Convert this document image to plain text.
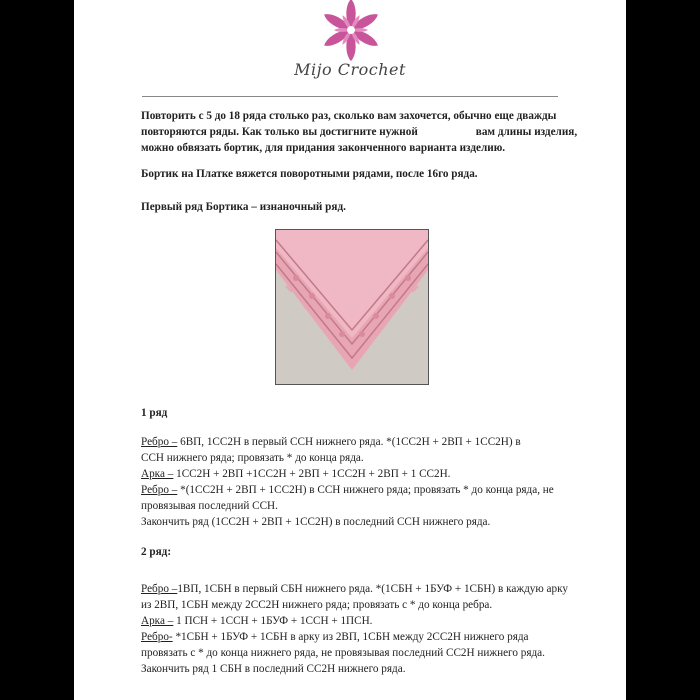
Mijo Crochet
Повторить с 5 до 18 ряда столько раз, сколько вам захочется, обычно еще дважды
повторяются ряды. Как только вы достигните нужной	вам длины изделия,
можно обвязать бортик, для придания законченного варианта изделию.
Бортик на Платке вяжется поворотными рядами, после 16го ряда.
Первый ряд Бортика – изнаночный ряд.
1 ряд
Ребро – 6ВП, 1СС2Н в первый ССН нижнего ряда. *(1СС2Н + 2ВП + 1СС2Н) в
ССН нижнего ряда; провязать * до конца ряда.
Арка – 1СС2Н + 2ВП +1СС2Н + 2ВП + 1СС2Н + 2ВП + 1 СС2Н.
Ребро – *(1СС2Н + 2ВП + 1СС2Н) в ССН нижнего ряда; провязать * до конца ряда, не
провязывая последний ССН.
Закончить ряд (1СС2Н + 2ВП + 1СС2Н) в последний ССН нижнего ряда.
2 ряд:
Ребро –1ВП, 1СБН в первый СБН нижнего ряда. *(1СБН + 1БУФ + 1СБН) в каждую арку
из 2ВП, 1СБН между 2СС2Н нижнего ряда; провязать с * до конца ребра.
Арка – 1 ПСН + 1ССН + 1БУФ + 1ССН + 1ПСН.
Ребро- *1СБН + 1БУФ + 1СБН в арку из 2ВП, 1СБН между 2СС2Н нижнего ряда
провязать с * до конца нижнего ряда, не провязывая последний СС2Н нижнего ряда.
Закончить ряд 1 СБН в последний СС2Н нижнего ряда.
